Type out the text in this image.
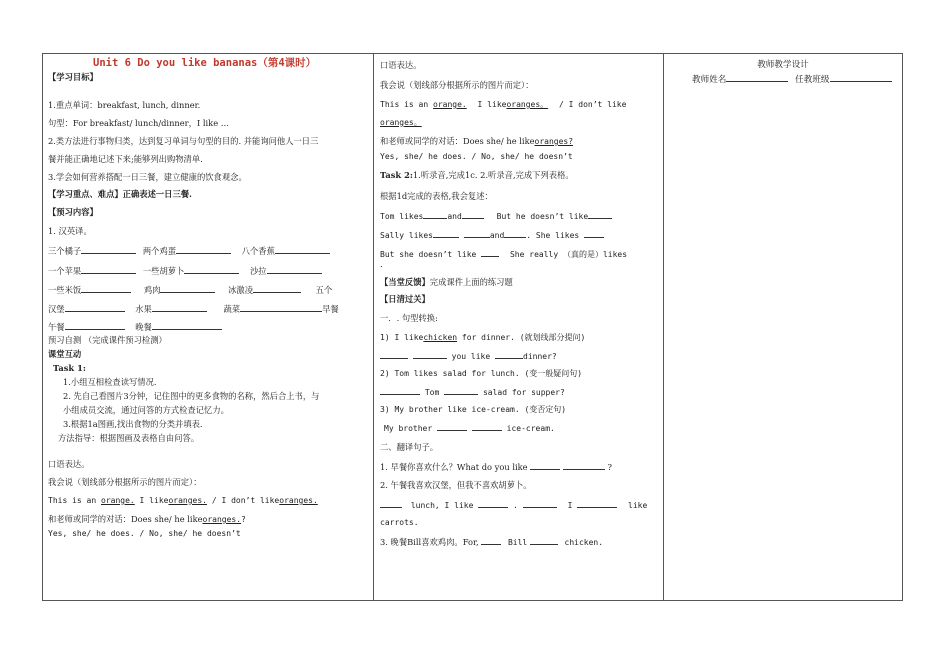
Unit 6 Do you like bananas（第4课时）
【学习目标】
1.重点单词：breakfast, lunch, dinner.
句型：For breakfast/ lunch/dinner，I like …
2.类方法进行事物归类，达到复习单词与句型的目的. 并能询问他人一日三
餐并能正确地记述下来;能够列出购物清单.
3.学会如何营养搭配一日三餐，建立健康的饮食观念。
【学习重点、难点】正确表述一日三餐.
【预习内容】
1. 汉英译。
三个橘子	两个鸡蛋	八个香蕉
一个苹果	一些胡萝卜	沙拉
一些米饭	鸡肉	冰激凌	五个
汉堡	水果	蔬菜	早餐
午餐	晚餐
预习自测 （完成课件预习检测）
课堂互动
Task 1:
1.小组互相检查读写情况.
2. 先自己看图片3分钟，记住图中的更多食物的名称，然后合上书，与
小组成员交流，通过问答的方式检查记忆力。
3.根据1a图画,找出食物的分类并填表.
方法指导：根据图画及表格自由问答。
口语表达。
我会说（划线部分根据所示的图片而定）：
This is an orange. I likeoranges. / I don’t likeoranges.
和老师或同学的对话：Does she/ he likeoranges.?
Yes, she/ he does. / No, she/ he doesn’t
口语表达。
我会说（划线部分根据所示的图片而定）：
This is an orange. I likeoranges。 / I don’t like
oranges。
和老师或同学的对话：Does she/ he likeoranges?
Yes, she/ he does. / No, she/ he doesn’t
Task 2:1.听录音,完成1c. 2.听录音,完成下列表格。
根据1d完成的表格,我会复述：
Tom likes	and	But he doesn’t like
Sally likes	and	. She likes
But she doesn’t like	She really （真的是）likes
.
【当堂反馈】完成课件上面的练习题
【日清过关】
一．. 句型转换:
1) I likechicken for dinner. (就划线部分提问)
you like	dinner?
2) Tom likes salad for lunch. (变一般疑问句)
Tom	salad for supper?
3) My brother like ice-cream. (变否定句)
My brother	ice-cream.
二、翻译句子。
1. 早餐你喜欢什么？What do you like	?
2. 午餐我喜欢汉堡，但我不喜欢胡萝卜。
lunch, I like	.	I	like
carrots.
3. 晚餐Bill喜欢鸡肉。For,	Bill	chicken.
教师教学设计
教师姓名	任教班级
